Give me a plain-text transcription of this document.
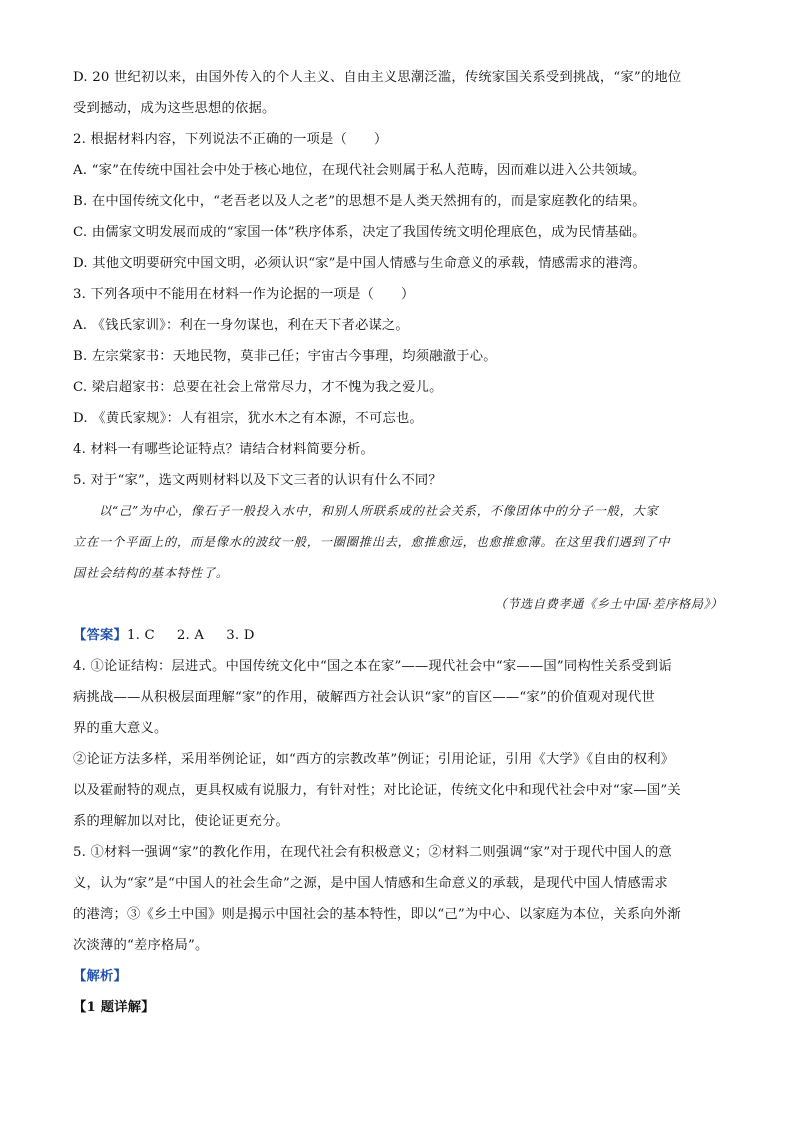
D. 20 世纪初以来，由国外传入的个人主义、自由主义思潮泛滥，传统家国关系受到挑战，“家”的地位
受到撼动，成为这些思想的依据。
2. 根据材料内容，下列说法不正确的一项是（　　）
A. “家”在传统中国社会中处于核心地位，在现代社会则属于私人范畴，因而难以进入公共领域。
B. 在中国传统文化中，“老吾老以及人之老”的思想不是人类天然拥有的，而是家庭教化的结果。
C. 由儒家文明发展而成的“家国一体”秩序体系，决定了我国传统文明伦理底色，成为民情基础。
D. 其他文明要研究中国文明，必须认识“家”是中国人情感与生命意义的承载，情感需求的港湾。
3. 下列各项中不能用在材料一作为论据的一项是（　　）
A. 《钱氏家训》：利在一身勿谋也，利在天下者必谋之。
B. 左宗棠家书：天地民物，莫非己任；宇宙古今事理，均须融澈于心。
C. 梁启超家书：总要在社会上常常尽力，才不愧为我之爱儿。
D. 《黄氏家规》：人有祖宗，犹水木之有本源，不可忘也。
4. 材料一有哪些论证特点？请结合材料简要分析。
5. 对于“家”，选文两则材料以及下文三者的认识有什么不同？
以“己”为中心，像石子一般投入水中，和别人所联系成的社会关系，不像团体中的分子一般，大家
立在一个平面上的，而是像水的波纹一般，一圈圈推出去，愈推愈远，也愈推愈薄。在这里我们遇到了中
国社会结构的基本特性了。
（节选自费孝通《乡土中国·差序格局》）
【答案】1. C 2. A 3. D
4. ①论证结构：层进式。中国传统文化中“国之本在家”——现代社会中“家——国”同构性关系受到诟
病挑战——从积极层面理解“家”的作用，破解西方社会认识“家”的盲区——“家”的价值观对现代世
界的重大意义。
②论证方法多样，采用举例论证，如“西方的宗教改革”例证；引用论证，引用《大学》《自由的权利》
以及霍耐特的观点，更具权威有说服力，有针对性；对比论证，传统文化中和现代社会中对“家—国”关
系的理解加以对比，使论证更充分。
5. ①材料一强调“家”的教化作用，在现代社会有积极意义；②材料二则强调“家”对于现代中国人的意
义，认为“家”是“中国人的社会生命”之源，是中国人情感和生命意义的承载，是现代中国人情感需求
的港湾；③《乡土中国》则是揭示中国社会的基本特性，即以“己”为中心、以家庭为本位，关系向外渐
次淡薄的“差序格局”。
【解析】
【1 题详解】
